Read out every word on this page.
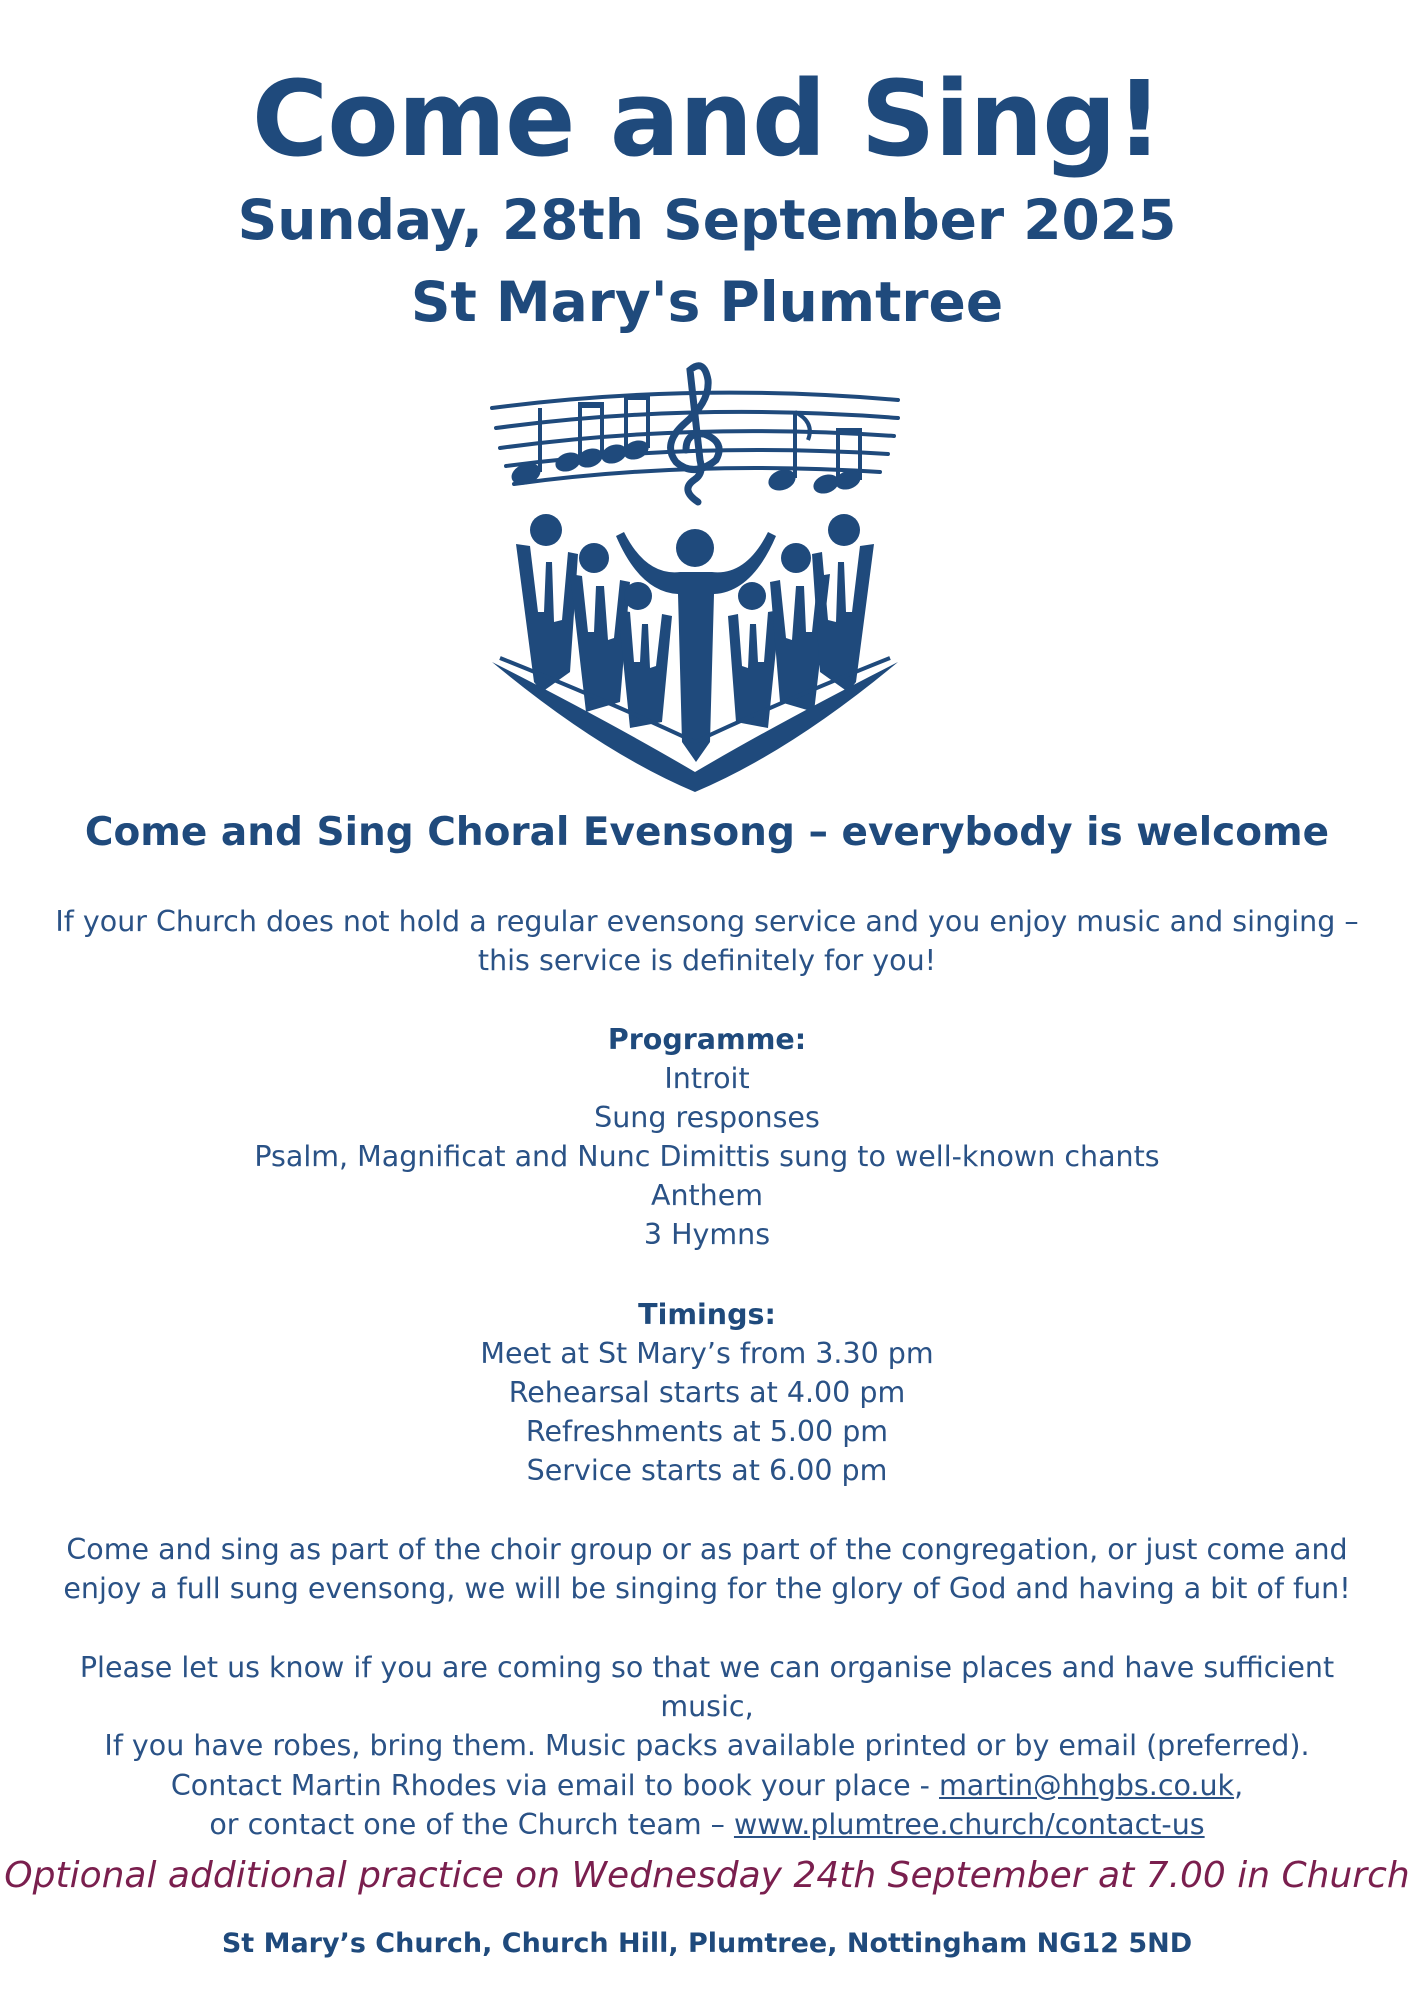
Come and Sing!
Sunday, 28th September 2025
St Mary's Plumtree
Come and Sing Choral Evensong – everybody is welcome
If your Church does not hold a regular evensong service and you enjoy music and singing –
this service is definitely for you!
Programme:
Introit
Sung responses
Psalm, Magnificat and Nunc Dimittis sung to well-known chants
Anthem
3 Hymns
Timings:
Meet at St Mary’s from 3.30 pm
Rehearsal starts at 4.00 pm
Refreshments at 5.00 pm
Service starts at 6.00 pm
Come and sing as part of the choir group or as part of the congregation, or just come and
enjoy a full sung evensong, we will be singing for the glory of God and having a bit of fun!
Please let us know if you are coming so that we can organise places and have sufficient music,
If you have robes, bring them. Music packs available printed or by email (preferred).
Contact Martin Rhodes via email to book your place - martin@hhgbs.co.uk,
or contact one of the Church team – www.plumtree.church/contact-us
Optional additional practice on Wednesday 24th September at 7.00 in Church
St Mary’s Church, Church Hill, Plumtree, Nottingham NG12 5ND
